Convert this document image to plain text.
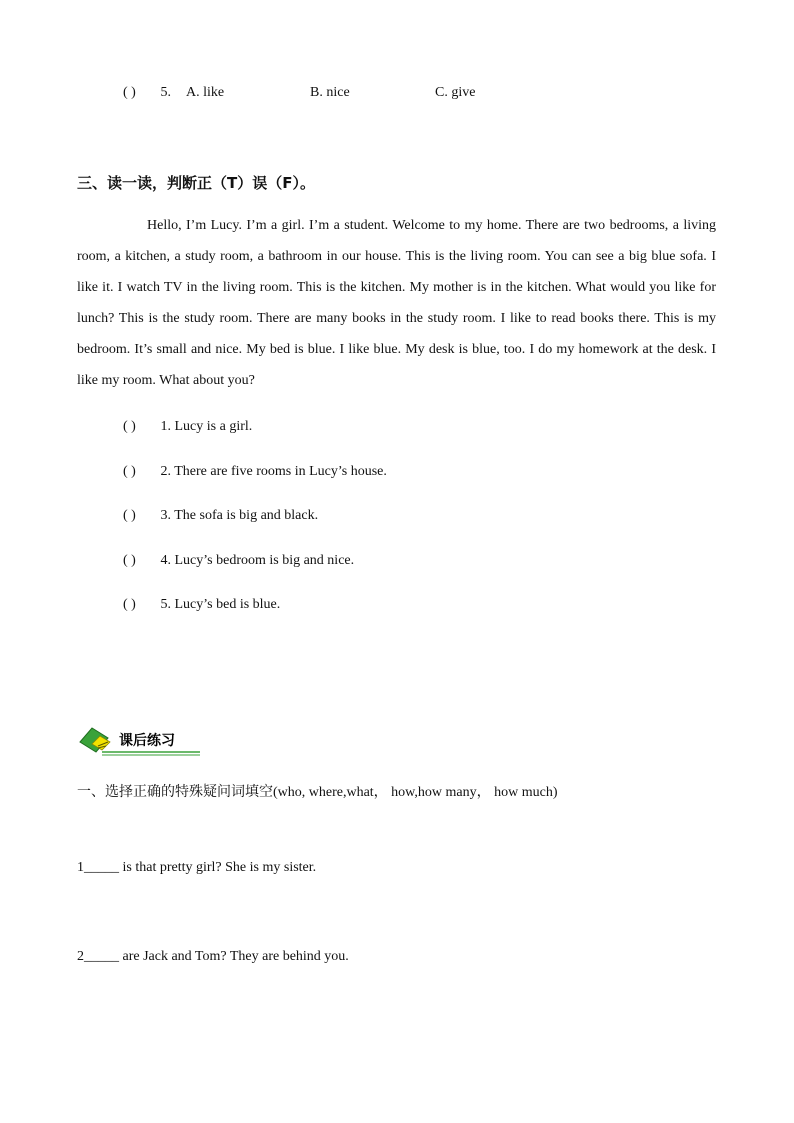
( ) 5. A. like	B. nice	C. give
三、读一读，判断正（T）误（F）。
Hello, I’m Lucy. I’m a girl. I’m a student. Welcome to my home. There are two bedrooms, a living room, a kitchen, a study room, a bathroom in our house. This is the living room. You can see a big blue sofa. I like it. I watch TV in the living room. This is the kitchen. My mother is in the kitchen. What would you like for lunch? This is the study room. There are many books in the study room. I like to read books there. This is my bedroom. It’s small and nice. My bed is blue. I like blue. My desk is blue, too. I do my homework at the desk. I like my room. What about you?
( ) 1. Lucy is a girl.
( ) 2. There are five rooms in Lucy’s house.
( ) 3. The sofa is big and black.
( ) 4. Lucy’s bedroom is big and nice.
( ) 5. Lucy’s bed is blue.
课后练习
一、选择正确的特殊疑问词填空(who, where,what， how,how many， how much)
1_____ is that pretty girl? She is my sister.
2_____ are Jack and Tom? They are behind you.
